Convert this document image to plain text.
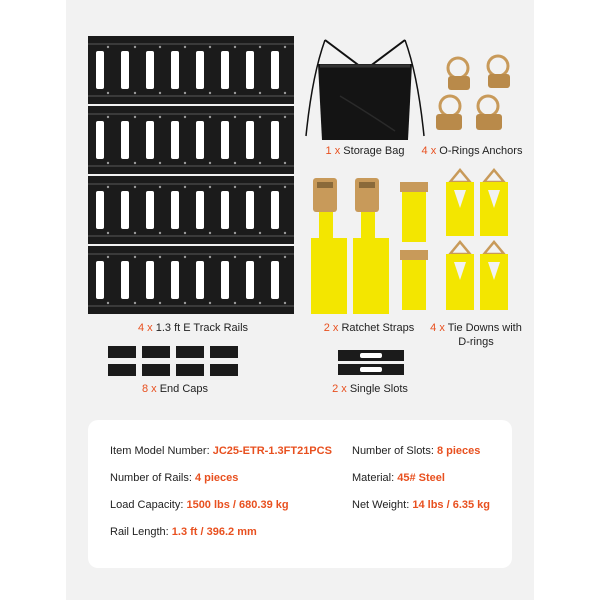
4 x 1.3 ft E Track Rails
1 x Storage Bag	4 x O-Rings Anchors
2 x Ratchet Straps	4 x Tie Downs with
D-rings
8 x End Caps	2 x Single Slots
Item Model Number: JC25-ETR-1.3FT21PCS Number of Slots: 8 pieces
Number of Rails: 4 pieces	Material: 45# Steel
Load Capacity: 1500 lbs / 680.39 kg	Net Weight: 14 lbs / 6.35 kg
Rail Length: 1.3 ft / 396.2 mm
